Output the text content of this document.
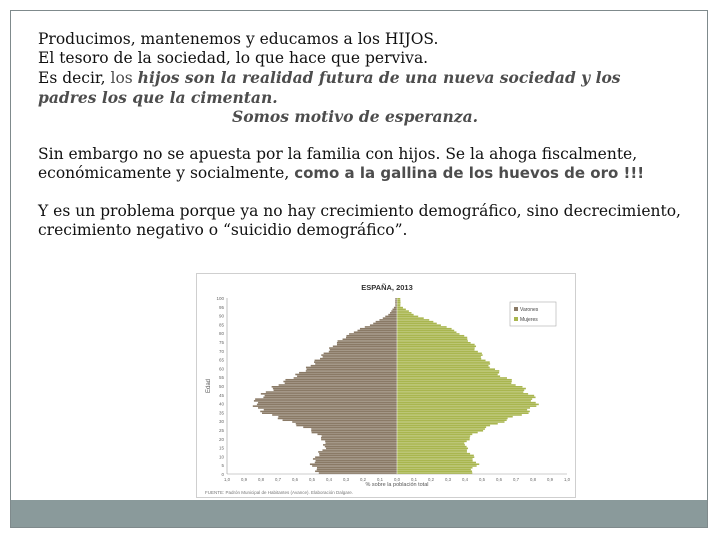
Producimos, mantenemos y educamos a los HIJOS.

El tesoro de la sociedad, lo que hace que perviva.

Es decir, los hijos son la realidad futura de una nueva sociedad y los

padres los que la cimentan.

Somos motivo de esperanza.

Sin embargo no se apuesta por la familia con hijos. Se la ahoga fiscalmente,

económicamente y socialmente, como a la gallina de los huevos de oro !!!

Y es un problema porque ya no hay crecimiento demográfico, sino decrecimiento,

crecimiento negativo o “suicidio demográfico”.

ESPAÑA, 2013
Edad
% sobre la población total
FUENTE: Padrón Municipal de Habitantes (Avance). Elaboración Dalgare.
100
95
90
85
80
75
70
65
60
55
50
45
40
35
30
25
20
15
10
5
0
1,0	0,9	0,8	0,7	0,6	0,5	0,4	0,3	0,2	0,1	0,0	0,1	0,2	0,3	0,4	0,5	0,6	0,7	0,8	0,9	1,0
Varones
Mujeres
